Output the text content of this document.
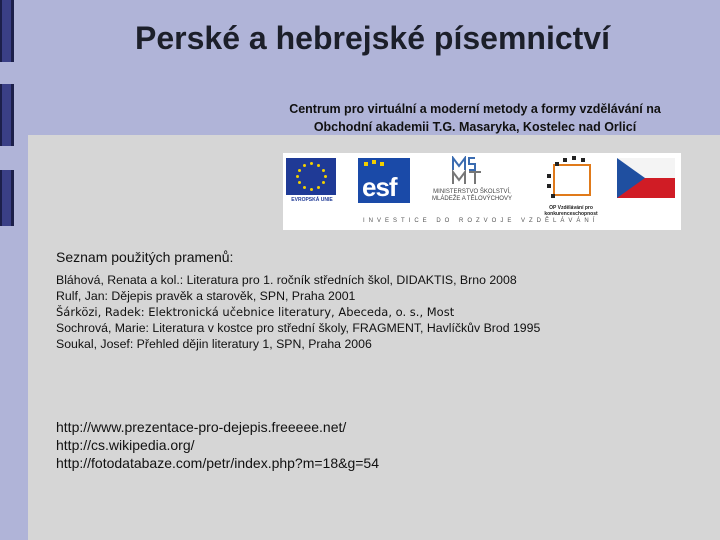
Perské a hebrejské písemnictví
Centrum pro virtuální a moderní metody a formy vzdělávání na
Obchodní akademii T.G. Masaryka, Kostelec nad Orlicí
EVROPSKÁ UNIE esf	MINISTERSTVO ŠKOLSTVÍ,
MLÁDEŽE A TĚLOVÝCHOVY
OP Vzdělávání pro konkurenceschopnost
INVESTICE DO ROZVOJE VZDĚLÁVÁNÍ
Seznam použitých pramenů:
Bláhová, Renata a kol.: Literatura pro 1. ročník středních škol, DIDAKTIS, Brno 2008
Rulf, Jan: Dějepis pravěk a starověk, SPN, Praha 2001
Šárközi, Radek: Elektronická učebnice literatury, Abeceda, o. s., Most
Sochrová, Marie: Literatura v kostce pro střední školy, FRAGMENT, Havlíčkův Brod 1995
Soukal, Josef: Přehled dějin literatury 1, SPN, Praha 2006
http://www.prezentace-pro-dejepis.freeeee.net/
http://cs.wikipedia.org/
http://fotodatabaze.com/petr/index.php?m=18&g=54
